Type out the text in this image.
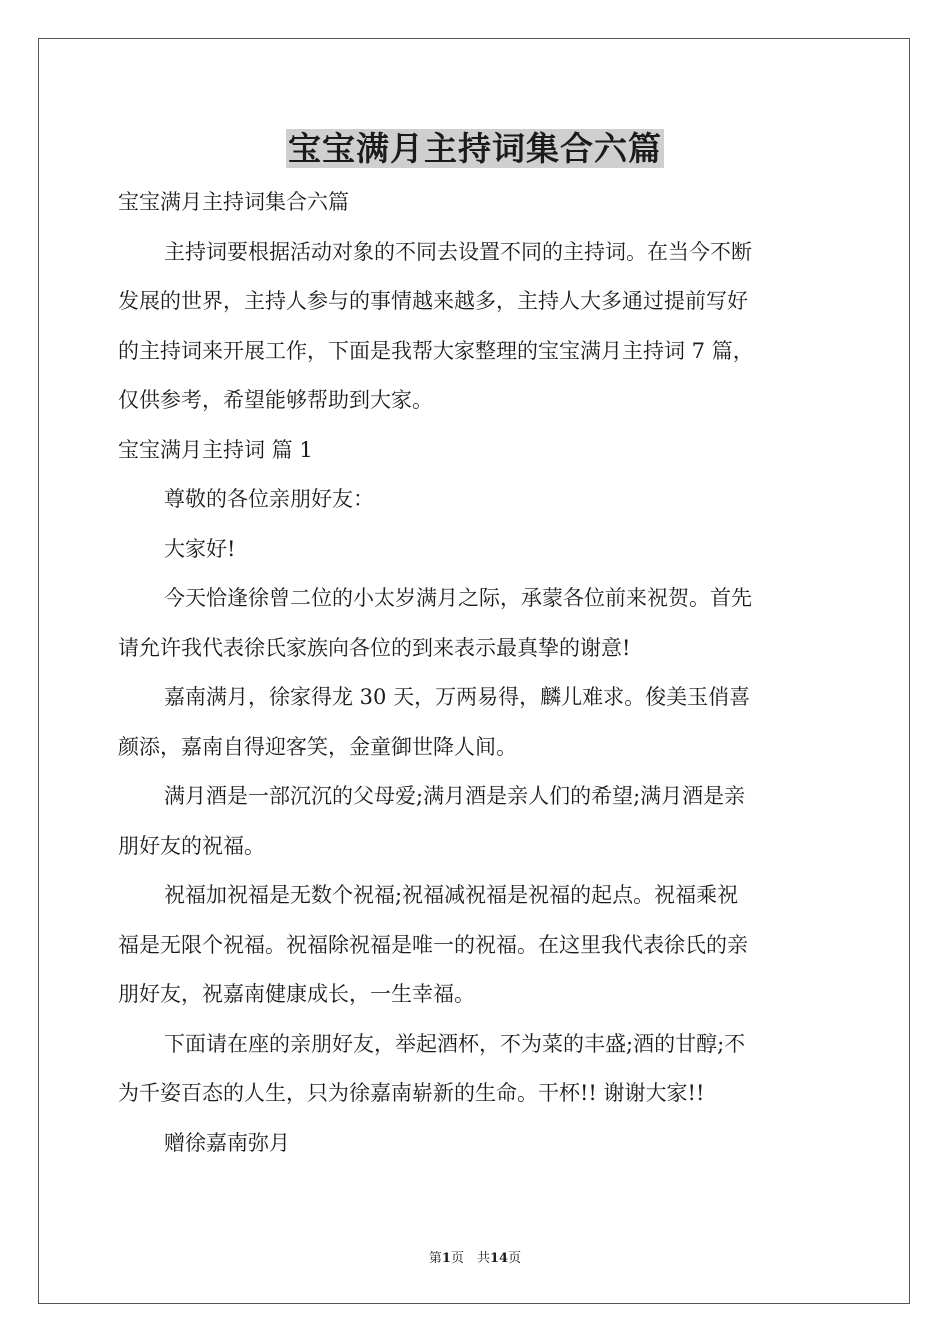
宝宝满月主持词集合六篇
宝宝满月主持词集合六篇
主持词要根据活动对象的不同去设置不同的主持词。在当今不断
发展的世界，主持人参与的事情越来越多，主持人大多通过提前写好
的主持词来开展工作，下面是我帮大家整理的宝宝满月主持词 7 篇，
仅供参考，希望能够帮助到大家。
宝宝满月主持词 篇 1
尊敬的各位亲朋好友：
大家好!
今天恰逢徐曾二位的小太岁满月之际，承蒙各位前来祝贺。首先
请允许我代表徐氏家族向各位的到来表示最真挚的谢意!
嘉南满月，徐家得龙 30 天，万两易得，麟儿难求。俊美玉俏喜
颜添，嘉南自得迎客笑，金童御世降人间。
满月酒是一部沉沉的父母爱;满月酒是亲人们的希望;满月酒是亲
朋好友的祝福。
祝福加祝福是无数个祝福;祝福减祝福是祝福的起点。祝福乘祝
福是无限个祝福。祝福除祝福是唯一的祝福。在这里我代表徐氏的亲
朋好友，祝嘉南健康成长，一生幸福。
下面请在座的亲朋好友，举起酒杯，不为菜的丰盛;酒的甘醇;不
为千姿百态的人生，只为徐嘉南崭新的生命。干杯!! 谢谢大家!!
赠徐嘉南弥月
第1页　共14页
